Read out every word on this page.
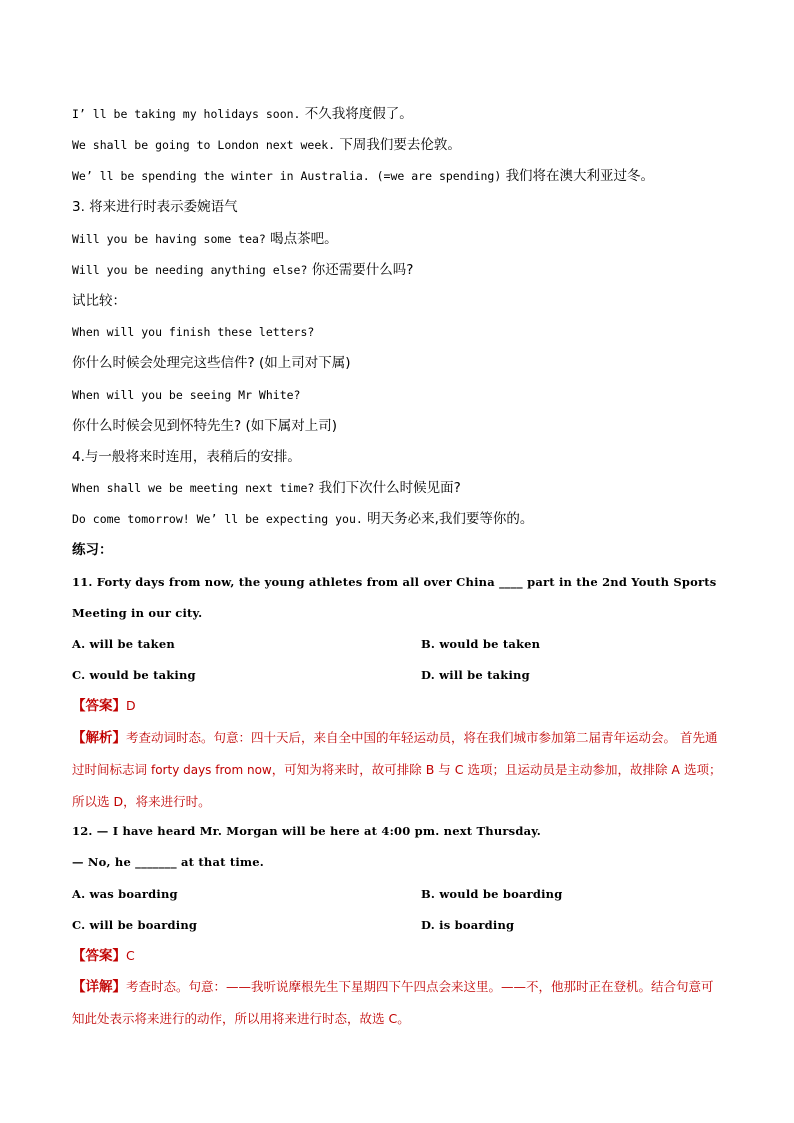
I’ ll be taking my holidays soon. 不久我将度假了。
We shall be going to London next week. 下周我们要去伦敦。
We’ ll be spending the winter in Australia. (=we are spending) 我们将在澳大利亚过冬。
3. 将来进行时表示委婉语气
Will you be having some tea? 喝点茶吧。
Will you be needing anything else? 你还需要什么吗?
试比较：
When will you finish these letters?
你什么时候会处理完这些信件? (如上司对下属)
When will you be seeing Mr White?
你什么时候会见到怀特先生? (如下属对上司)
4.与一般将来时连用，表稍后的安排。
When shall we be meeting next time? 我们下次什么时候见面?
Do come tomorrow! We’ ll be expecting you. 明天务必来,我们要等你的。
练习：
11. Forty days from now, the young athletes from all over China ____ part in the 2nd Youth Sports
Meeting in our city.
A. will be taken	B. would be taken
C. would be taking	D. will be taking
【答案】D
【解析】考查动词时态。句意：四十天后，来自全中国的年轻运动员，将在我们城市参加第二届青年运动会。 首先通过时间标志词 forty days from now，可知为将来时，故可排除 B 与 C 选项；且运动员是主动参加，故排除 A 选项；所以选 D，将来进行时。
12. — I have heard Mr. Morgan will be here at 4:00 pm. next Thursday.
— No, he _______ at that time.
A. was boarding	B. would be boarding
C. will be boarding	D. is boarding
【答案】C
【详解】考查时态。句意：——我听说摩根先生下星期四下午四点会来这里。——不，他那时正在登机。结合句意可知此处表示将来进行的动作，所以用将来进行时态，故选 C。
